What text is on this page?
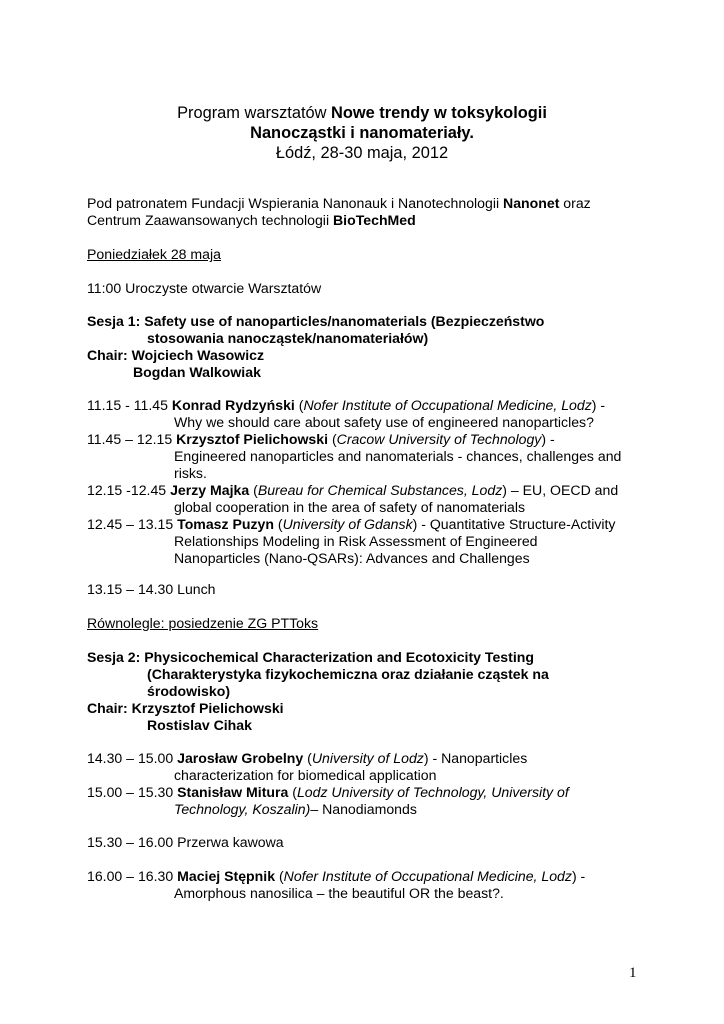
Program warsztatów Nowe trendy w toksykologii

Nanocząstki i nanomateriały.

Łódź, 28-30 maja, 2012

Pod patronatem Fundacji Wspierania Nanonauk i Nanotechnologii Nanonet oraz

Centrum Zaawansowanych technologii BioTechMed

Poniedziałek 28 maja
11:00 Uroczyste otwarcie Warsztatów

Sesja 1: Safety use of nanoparticles/nanomaterials (Bezpieczeństwo

stosowania nanocząstek/nanomateriałów)

Chair: Wojciech Wasowicz

Bogdan Walkowiak

11.15 - 11.45 Konrad Rydzyński (Nofer Institute of Occupational Medicine, Lodz) -

Why we should care about safety use of engineered nanoparticles?

11.45 – 12.15 Krzysztof Pielichowski (Cracow University of Technology) -

Engineered nanoparticles and nanomaterials - chances, challenges and

risks.

12.15 -12.45 Jerzy Majka (Bureau for Chemical Substances, Lodz) – EU, OECD and

global cooperation in the area of safety of nanomaterials

12.45 – 13.15 Tomasz Puzyn (University of Gdansk) - Quantitative Structure-Activity

Relationships Modeling in Risk Assessment of Engineered

Nanoparticles (Nano-QSARs): Advances and Challenges

13.15 – 14.30 Lunch
Równolegle: posiedzenie ZG PTToks

Sesja 2: Physicochemical Characterization and Ecotoxicity Testing

(Charakterystyka fizykochemiczna oraz działanie cząstek na

środowisko)

Chair: Krzysztof Pielichowski

Rostislav Cihak

14.30 – 15.00 Jarosław Grobelny (University of Lodz) - Nanoparticles

characterization for biomedical application

15.00 – 15.30 Stanisław Mitura (Lodz University of Technology, University of

Technology, Koszalin)– Nanodiamonds

15.30 – 16.00 Przerwa kawowa

16.00 – 16.30 Maciej Stępnik (Nofer Institute of Occupational Medicine, Lodz) -

Amorphous nanosilica – the beautiful OR the beast?.

1
